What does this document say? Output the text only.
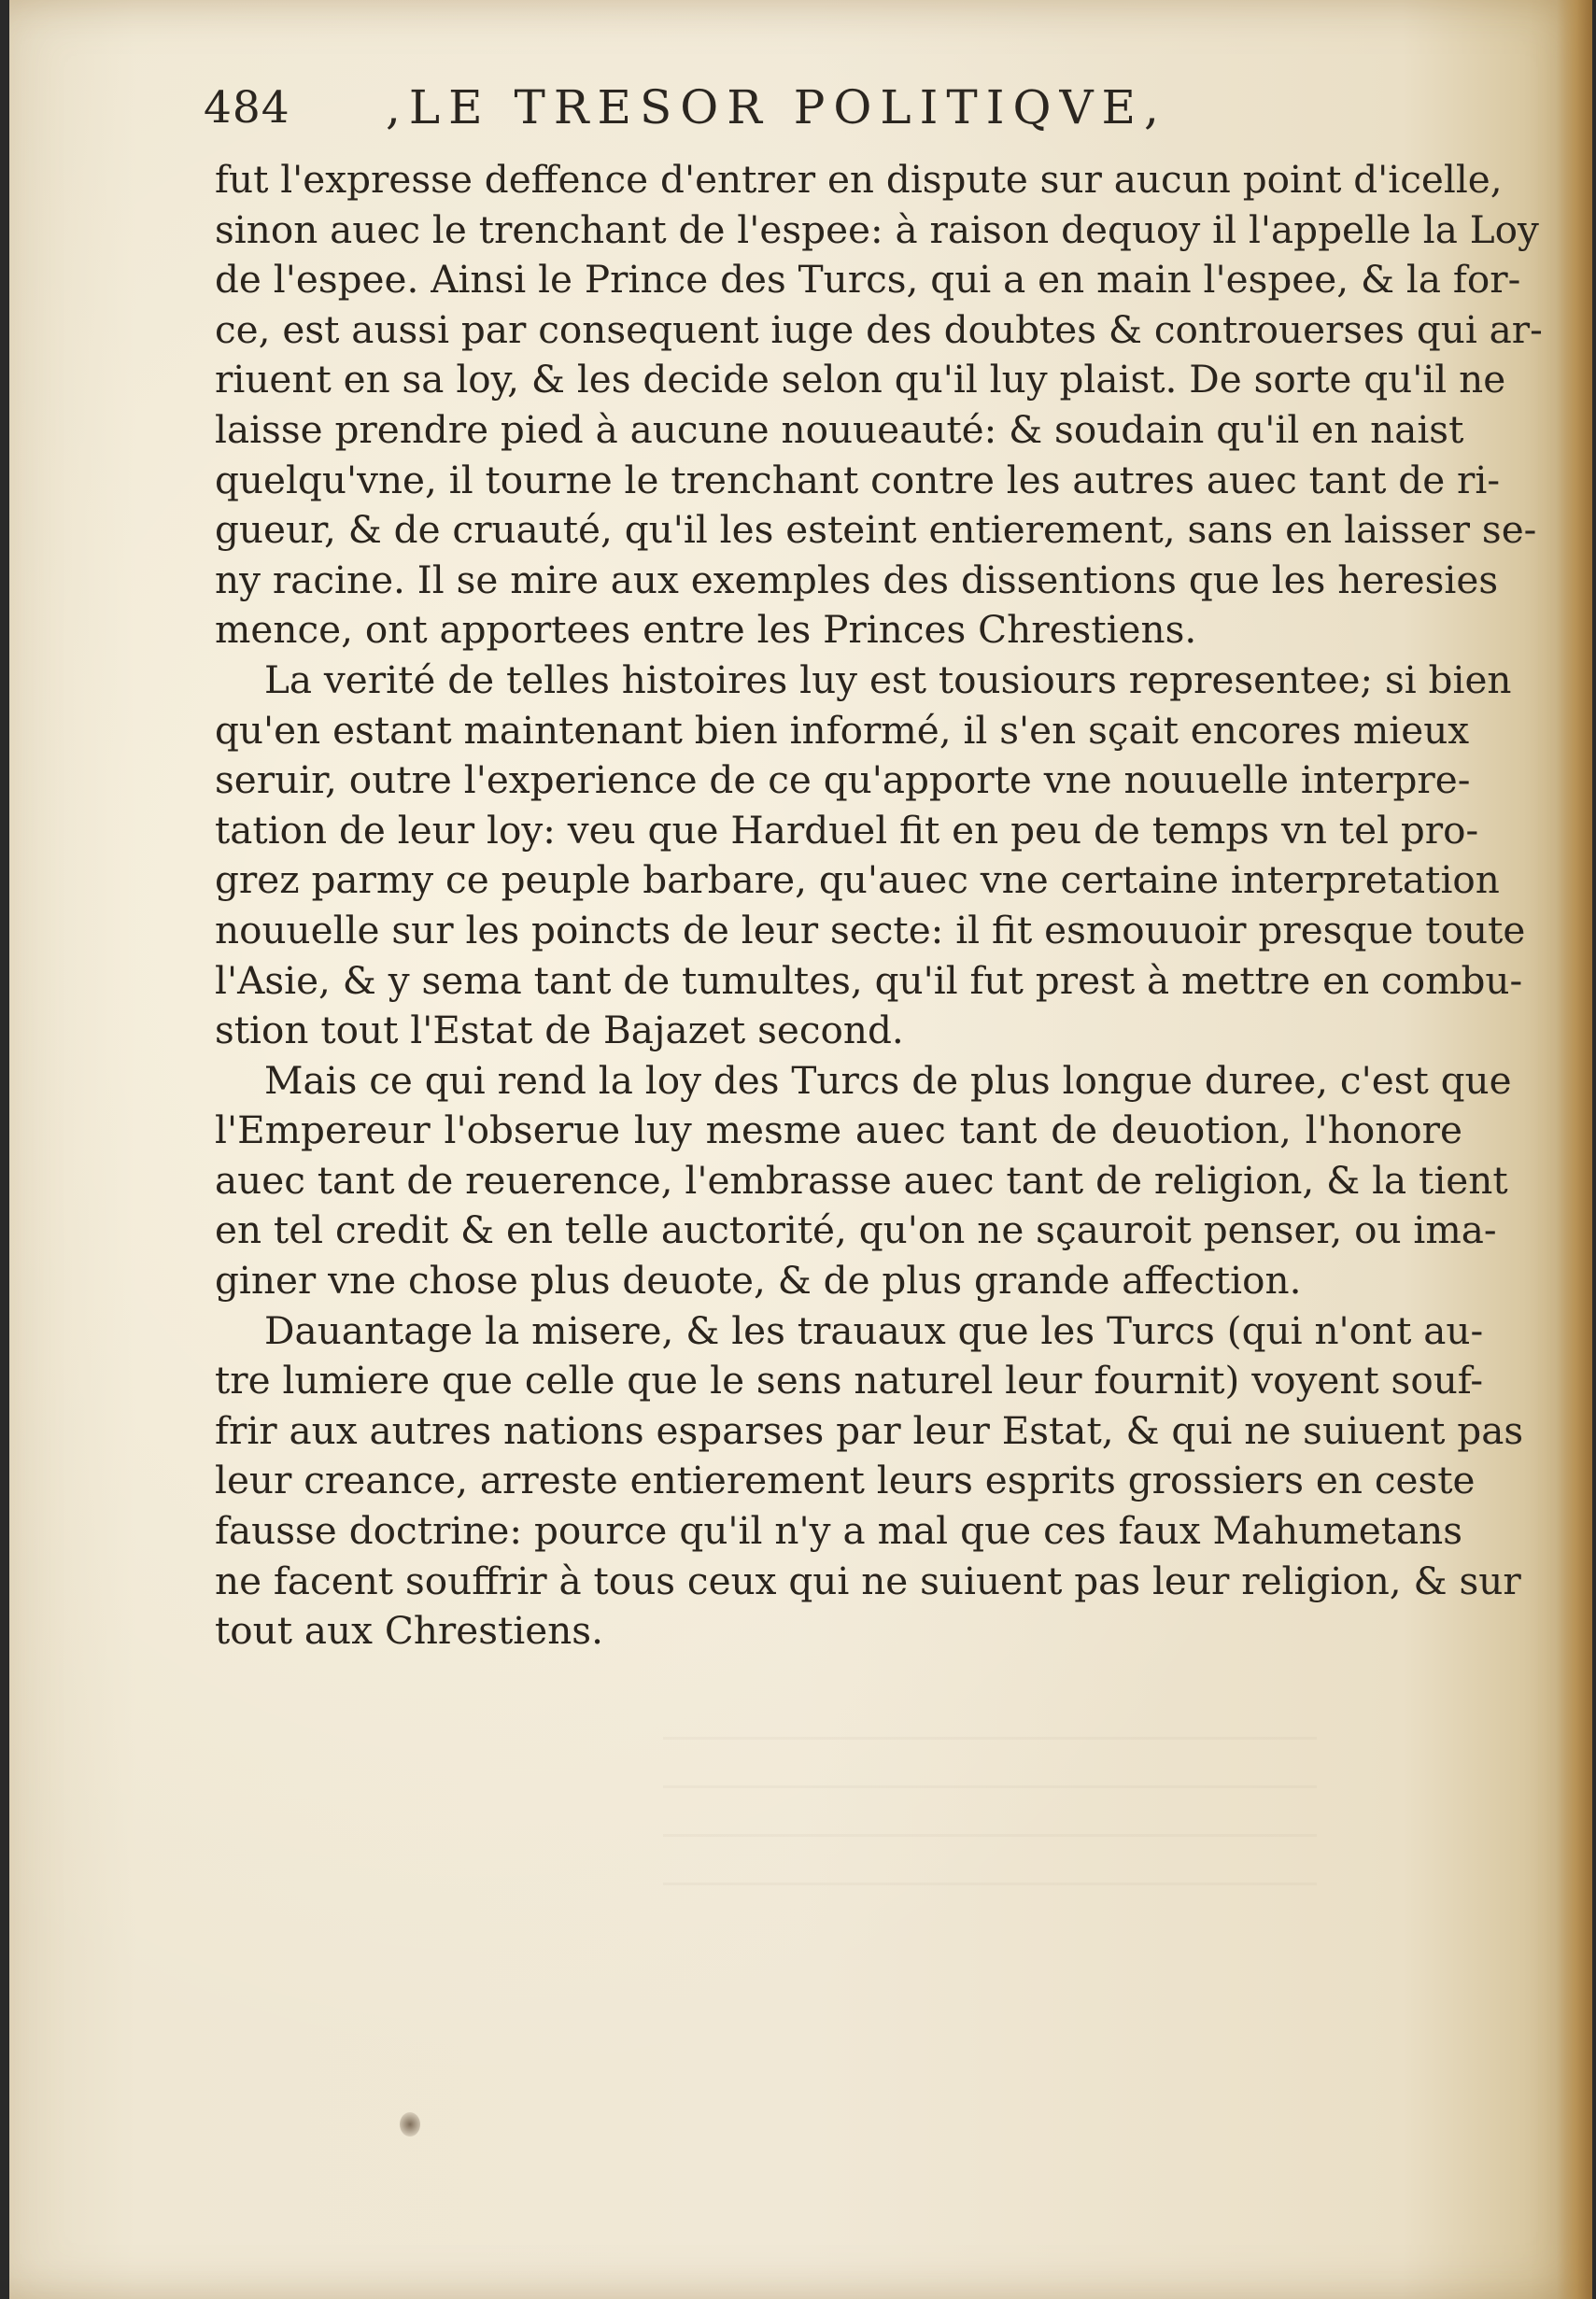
484 ,LE TRESOR POLITIQVE,
fut l'expresse deffence d'entrer en dispute sur aucun point d'icelle,
sinon auec le trenchant de l'espee: à raison dequoy il l'appelle la Loy
de l'espee. Ainsi le Prince des Turcs, qui a en main l'espee, & la for-
ce, est aussi par consequent iuge des doubtes & controuerses qui ar-
riuent en sa loy, & les decide selon qu'il luy plaist. De sorte qu'il ne
laisse prendre pied à aucune nouueauté: & soudain qu'il en naist
quelqu'vne, il tourne le trenchant contre les autres auec tant de ri-
gueur, & de cruauté, qu'il les esteint entierement, sans en laisser se-
ny racine. Il se mire aux exemples des dissentions que les heresies
mence, ont apportees entre les Princes Chrestiens.
La verité de telles histoires luy est tousiours representee; si bien
qu'en estant maintenant bien informé, il s'en sçait encores mieux
seruir, outre l'experience de ce qu'apporte vne nouuelle interpre-
tation de leur loy: veu que Harduel fit en peu de temps vn tel pro-
grez parmy ce peuple barbare, qu'auec vne certaine interpretation
nouuelle sur les poincts de leur secte: il fit esmouuoir presque toute
l'Asie, & y sema tant de tumultes, qu'il fut prest à mettre en combu-
stion tout l'Estat de Bajazet second.
Mais ce qui rend la loy des Turcs de plus longue duree, c'est que
l'Empereur l'obserue luy mesme auec tant de deuotion, l'honore
auec tant de reuerence, l'embrasse auec tant de religion, & la tient
en tel credit & en telle auctorité, qu'on ne sçauroit penser, ou ima-
giner vne chose plus deuote, & de plus grande affection.
Dauantage la misere, & les trauaux que les Turcs (qui n'ont au-
tre lumiere que celle que le sens naturel leur fournit) voyent souf-
frir aux autres nations esparses par leur Estat, & qui ne suiuent pas
leur creance, arreste entierement leurs esprits grossiers en ceste
fausse doctrine: pource qu'il n'y a mal que ces faux Mahumetans
ne facent souffrir à tous ceux qui ne suiuent pas leur religion, & sur
tout aux Chrestiens.
